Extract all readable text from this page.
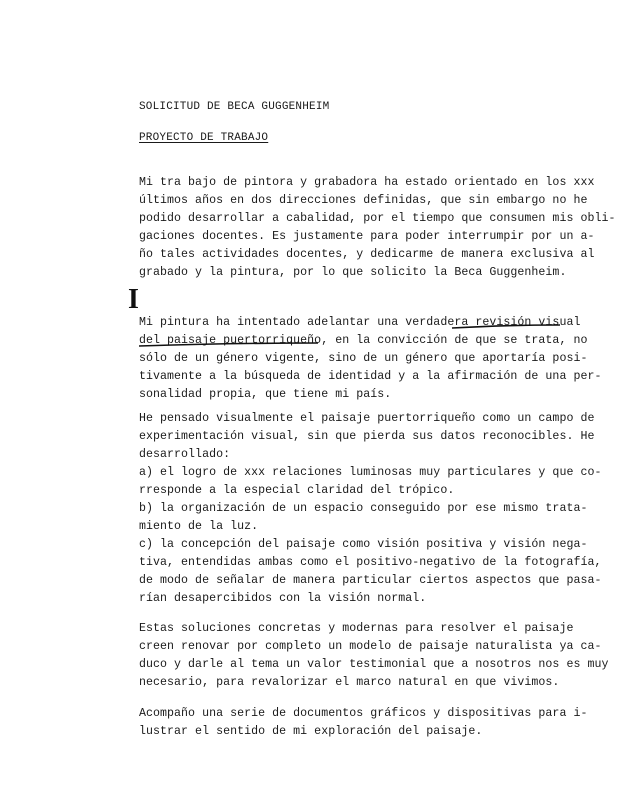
SOLICITUD DE BECA GUGGENHEIM
PROYECTO DE TRABAJO
Mi tra bajo de pintora y grabadora ha estado orientado en los xxx
últimos años en dos direcciones definidas, que sin embargo no he
podido desarrollar a cabalidad, por el tiempo que consumen mis obli-
gaciones docentes. Es justamente para poder interrumpir por un a-
ño tales actividades docentes, y dedicarme de manera exclusiva al
grabado y la pintura, por lo que solicito la Beca Guggenheim.
I
Mi pintura ha intentado adelantar una verdadera revisión visual
del paisaje puertorriqueño, en la convicción de que se trata, no
sólo de un género vigente, sino de un género que aportaría posi-
tivamente a la búsqueda de identidad y a la afirmación de una per-
sonalidad propia, que tiene mi país.
He pensado visualmente el paisaje puertorriqueño como un campo de
experimentación visual, sin que pierda sus datos reconocibles. He
desarrollado:
a) el logro de xxx relaciones luminosas muy particulares y que co-
rresponde a la especial claridad del trópico.
b) la organización de un espacio conseguido por ese mismo trata-
miento de la luz.
c) la concepción del paisaje como visión positiva y visión nega-
tiva, entendidas ambas como el positivo-negativo de la fotografía,
de modo de señalar de manera particular ciertos aspectos que pasa-
rían desapercibidos con la visión normal.
Estas soluciones concretas y modernas para resolver el paisaje
creen renovar por completo un modelo de paisaje naturalista ya ca-
duco y darle al tema un valor testimonial que a nosotros nos es muy
necesario, para revalorizar el marco natural en que vivimos.
Acompaño una serie de documentos gráficos y dispositivas para i-
lustrar el sentido de mi exploración del paisaje.
